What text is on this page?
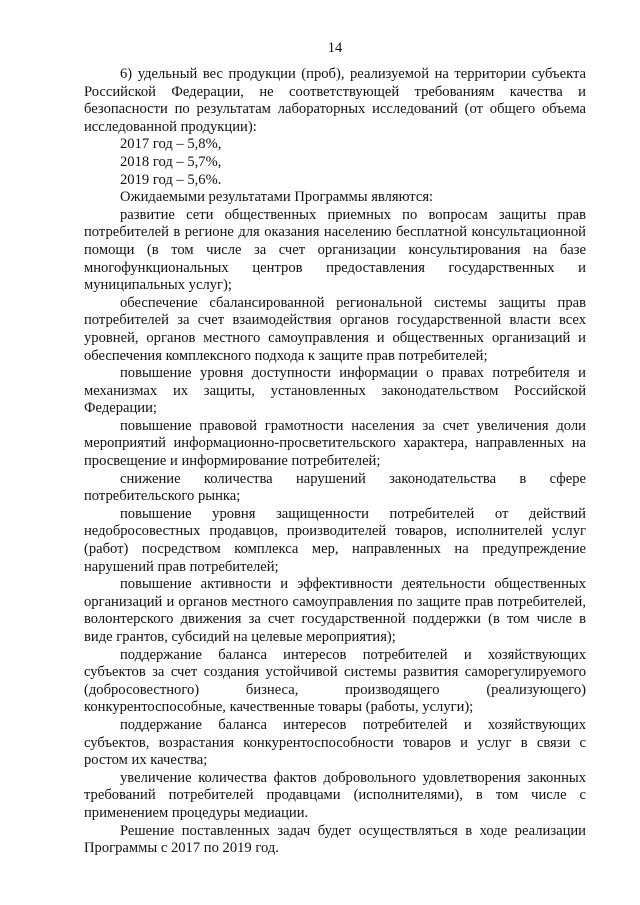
14

6) удельный вес продукции (проб), реализуемой на территории субъекта Российской Федерации, не соответствующей требованиям качества и безопасности по результатам лабораторных исследований (от общего объема исследованной продукции):

2017 год – 5,8%,

2018 год – 5,7%,

2019 год – 5,6%.

Ожидаемыми результатами Программы являются:

развитие сети общественных приемных по вопросам защиты прав потребителей в регионе для оказания населению бесплатной консультационной помощи (в том числе за счет организации консультирования на базе многофункциональных центров предоставления государственных и муниципальных услуг);

обеспечение сбалансированной региональной системы защиты прав потребителей за счет взаимодействия органов государственной власти всех уровней, органов местного самоуправления и общественных организаций и обеспечения комплексного подхода к защите прав потребителей;

повышение уровня доступности информации о правах потребителя и механизмах их защиты, установленных законодательством Российской Федерации;

повышение правовой грамотности населения за счет увеличения доли мероприятий информационно-просветительского характера, направленных на просвещение и информирование потребителей;

снижение количества нарушений законодательства в сфере потребительского рынка;

повышение уровня защищенности потребителей от действий недобросовестных продавцов, производителей товаров, исполнителей услуг (работ) посредством комплекса мер, направленных на предупреждение нарушений прав потребителей;

повышение активности и эффективности деятельности общественных организаций и органов местного самоуправления по защите прав потребителей, волонтерского движения за счет государственной поддержки (в том числе в виде грантов, субсидий на целевые мероприятия);

поддержание баланса интересов потребителей и хозяйствующих субъектов за счет создания устойчивой системы развития саморегулируемого (добросовестного) бизнеса, производящего (реализующего) конкурентоспособные, качественные товары (работы, услуги);

поддержание баланса интересов потребителей и хозяйствующих субъектов, возрастания конкурентоспособности товаров и услуг в связи с ростом их качества;

увеличение количества фактов добровольного удовлетворения законных требований потребителей продавцами (исполнителями), в том числе с применением процедуры медиации.

Решение поставленных задач будет осуществляться в ходе реализации Программы с 2017 по 2019 год.
